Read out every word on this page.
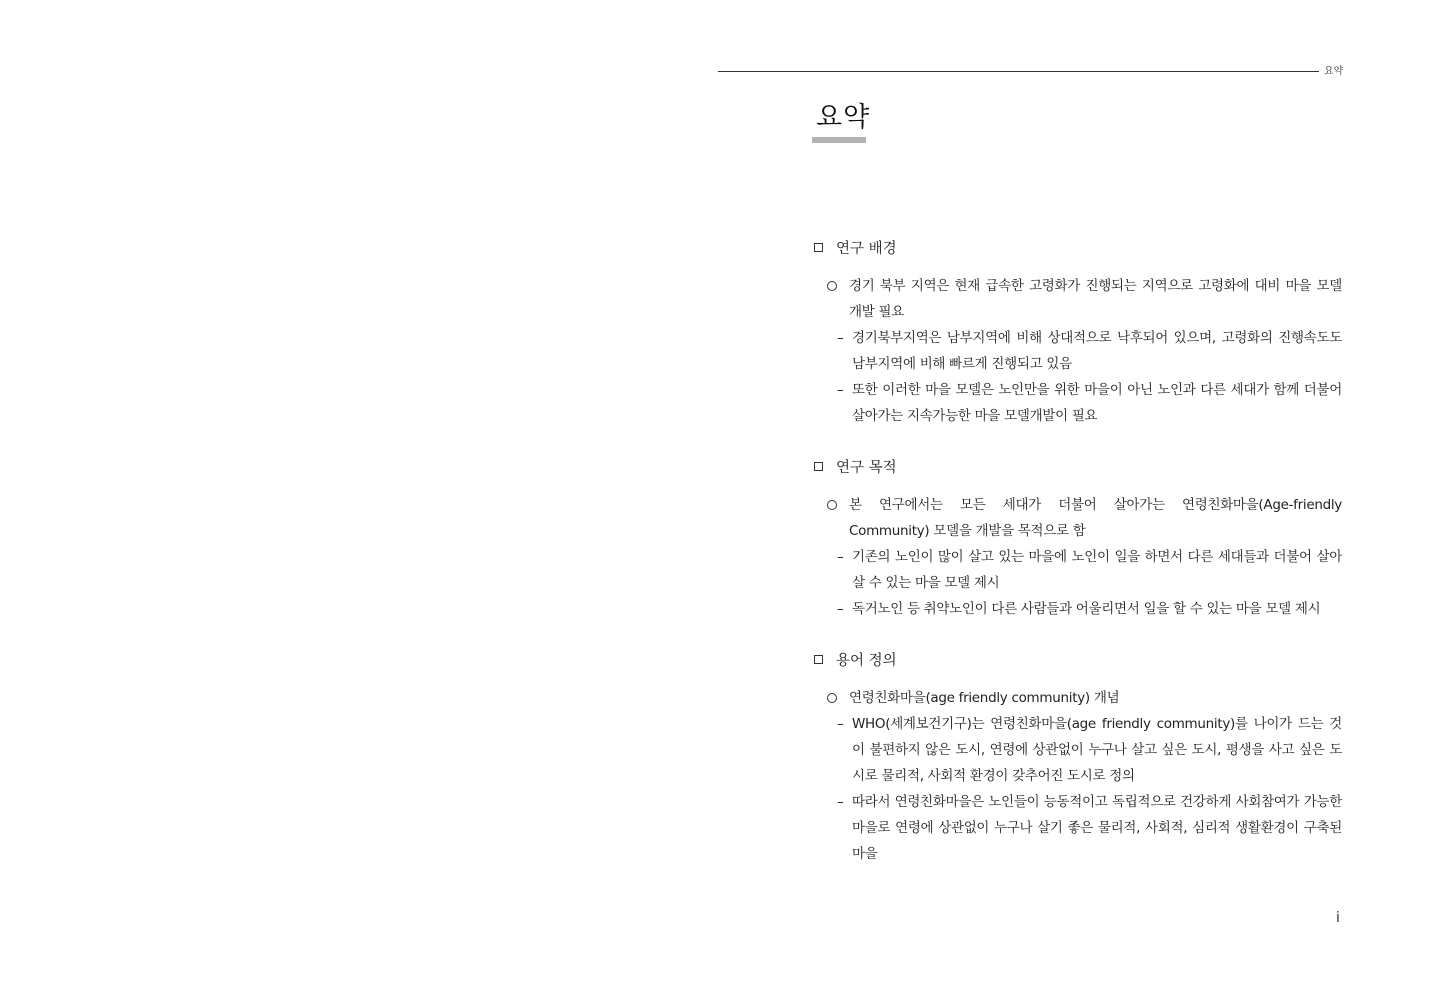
요약
요약
연구 배경
경기 북부 지역은 현재 급속한 고령화가 진행되는 지역으로 고령화에 대비 마을 모델 개발 필요
– 경기북부지역은 남부지역에 비해 상대적으로 낙후되어 있으며, 고령화의 진행속도도 남부지역에 비해 빠르게 진행되고 있음
– 또한 이러한 마을 모델은 노인만을 위한 마을이 아닌 노인과 다른 세대가 함께 더불어 살아가는 지속가능한 마을 모델개발이 필요
연구 목적
본 연구에서는 모든 세대가 더불어 살아가는 연령친화마을(Age-friendly Community) 모델을 개발을 목적으로 함
– 기존의 노인이 많이 살고 있는 마을에 노인이 일을 하면서 다른 세대들과 더불어 살아살 수 있는 마을 모델 제시
– 독거노인 등 취약노인이 다른 사람들과 어울리면서 일을 할 수 있는 마을 모델 제시
용어 정의
연령친화마을(age friendly community) 개념
– WHO(세계보건기구)는 연령친화마을(age friendly community)를 나이가 드는 것이 불편하지 않은 도시, 연령에 상관없이 누구나 살고 싶은 도시, 평생을 사고 싶은 도시로 물리적, 사회적 환경이 갖추어진 도시로 정의
– 따라서 연령친화마을은 노인들이 능동적이고 독립적으로 건강하게 사회참여가 가능한 마을로 연령에 상관없이 누구나 살기 좋은 물리적, 사회적, 심리적 생활환경이 구축된 마을
i
